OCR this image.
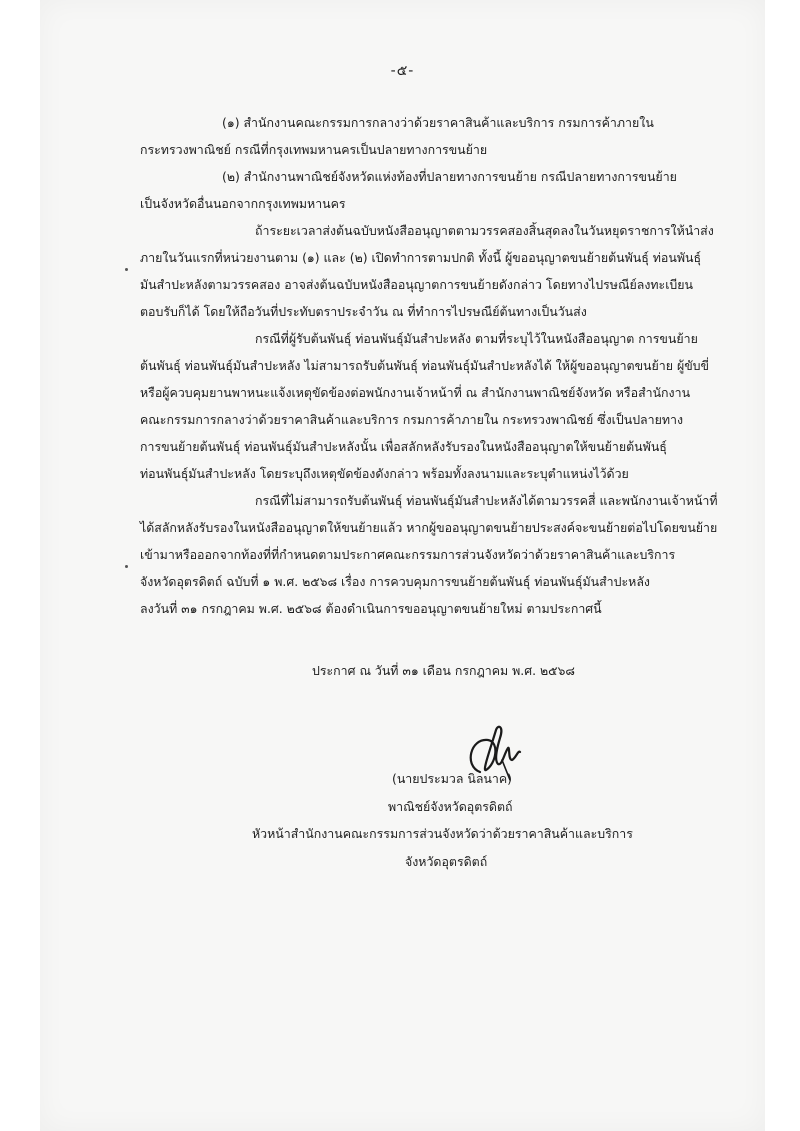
-๕-
(๑) สำนักงานคณะกรรมการกลางว่าด้วยราคาสินค้าและบริการ กรมการค้าภายใน
กระทรวงพาณิชย์ กรณีที่กรุงเทพมหานครเป็นปลายทางการขนย้าย
(๒) สำนักงานพาณิชย์จังหวัดแห่งท้องที่ปลายทางการขนย้าย กรณีปลายทางการขนย้าย
เป็นจังหวัดอื่นนอกจากกรุงเทพมหานคร
ถ้าระยะเวลาส่งต้นฉบับหนังสืออนุญาตตามวรรคสองสิ้นสุดลงในวันหยุดราชการให้นำส่ง
ภายในวันแรกที่หน่วยงานตาม (๑) และ (๒) เปิดทำการตามปกติ ทั้งนี้ ผู้ขออนุญาตขนย้ายต้นพันธุ์ ท่อนพันธุ์
มันสำปะหลังตามวรรคสอง อาจส่งต้นฉบับหนังสืออนุญาตการขนย้ายดังกล่าว โดยทางไปรษณีย์ลงทะเบียน
ตอบรับก็ได้ โดยให้ถือวันที่ประทับตราประจำวัน ณ ที่ทำการไปรษณีย์ต้นทางเป็นวันส่ง
กรณีที่ผู้รับต้นพันธุ์ ท่อนพันธุ์มันสำปะหลัง ตามที่ระบุไว้ในหนังสืออนุญาต การขนย้าย
ต้นพันธุ์ ท่อนพันธุ์มันสำปะหลัง ไม่สามารถรับต้นพันธุ์ ท่อนพันธุ์มันสำปะหลังได้ ให้ผู้ขออนุญาตขนย้าย ผู้ขับขี่
หรือผู้ควบคุมยานพาหนะแจ้งเหตุขัดข้องต่อพนักงานเจ้าหน้าที่ ณ สำนักงานพาณิชย์จังหวัด หรือสำนักงาน
คณะกรรมการกลางว่าด้วยราคาสินค้าและบริการ กรมการค้าภายใน กระทรวงพาณิชย์ ซึ่งเป็นปลายทาง
การขนย้ายต้นพันธุ์ ท่อนพันธุ์มันสำปะหลังนั้น เพื่อสลักหลังรับรองในหนังสืออนุญาตให้ขนย้ายต้นพันธุ์
ท่อนพันธุ์มันสำปะหลัง โดยระบุถึงเหตุขัดข้องดังกล่าว พร้อมทั้งลงนามและระบุตำแหน่งไว้ด้วย
กรณีที่ไม่สามารถรับต้นพันธุ์ ท่อนพันธุ์มันสำปะหลังได้ตามวรรคสี่ และพนักงานเจ้าหน้าที่
ได้สลักหลังรับรองในหนังสืออนุญาตให้ขนย้ายแล้ว หากผู้ขออนุญาตขนย้ายประสงค์จะขนย้ายต่อไปโดยขนย้าย
เข้ามาหรือออกจากท้องที่ที่กำหนดตามประกาศคณะกรรมการส่วนจังหวัดว่าด้วยราคาสินค้าและบริการ
จังหวัดอุตรดิตถ์ ฉบับที่ ๑ พ.ศ. ๒๕๖๘ เรื่อง การควบคุมการขนย้ายต้นพันธุ์ ท่อนพันธุ์มันสำปะหลัง
ลงวันที่ ๓๑ กรกฎาคม พ.ศ. ๒๕๖๘ ต้องดำเนินการขออนุญาตขนย้ายใหม่ ตามประกาศนี้
ประกาศ ณ วันที่ ๓๑ เดือน กรกฎาคม พ.ศ. ๒๕๖๘
(นายประมวล นิลนาค)
พาณิชย์จังหวัดอุตรดิตถ์
หัวหน้าสำนักงานคณะกรรมการส่วนจังหวัดว่าด้วยราคาสินค้าและบริการ
จังหวัดอุตรดิตถ์
